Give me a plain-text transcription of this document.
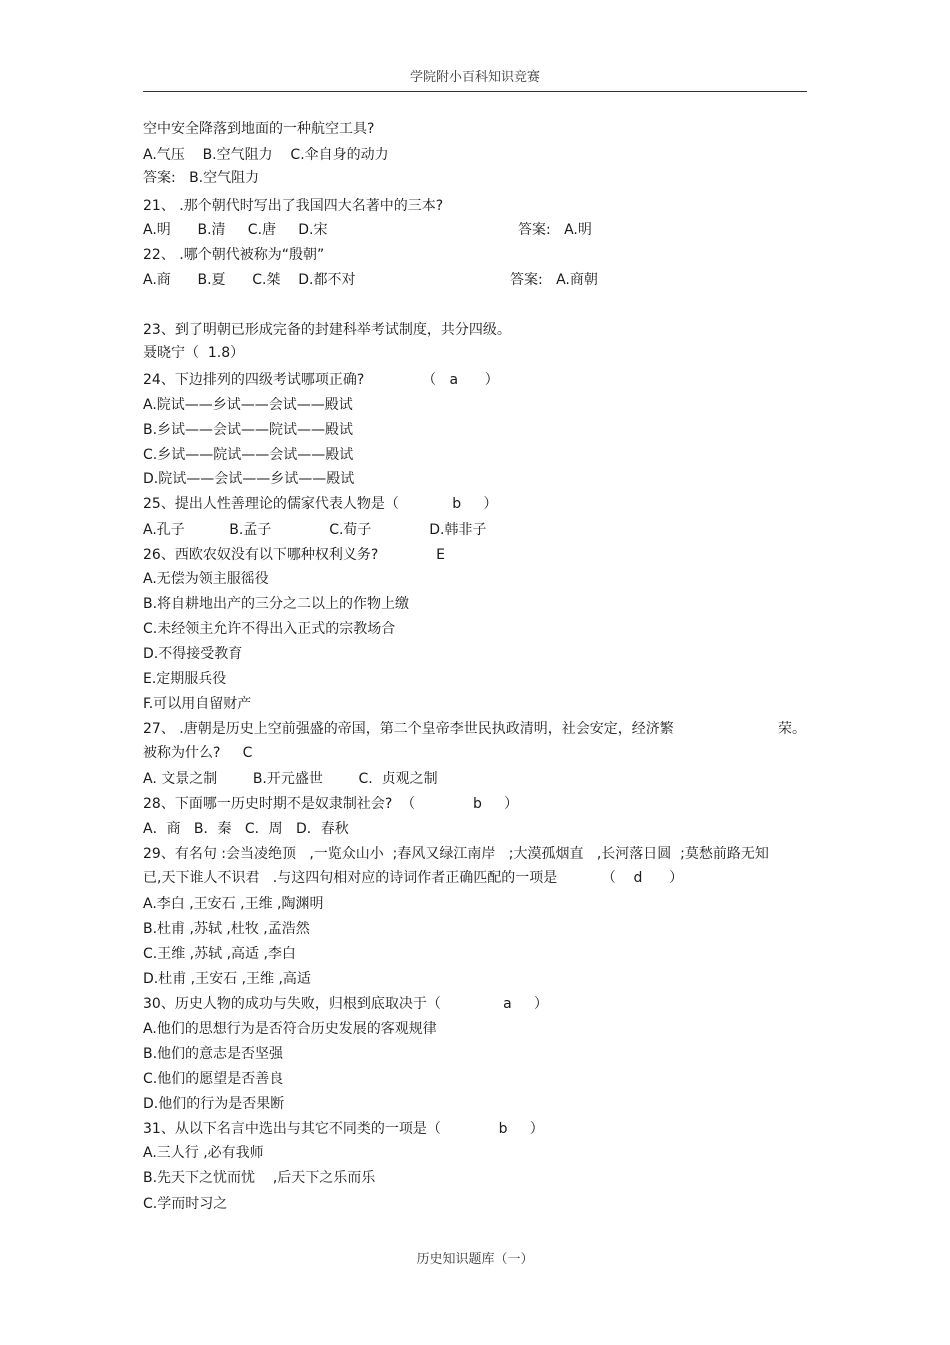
学院附小百科知识竞赛
空中安全降落到地面的一种航空工具?
A.气压    B.空气阻力    C.伞自身的动力
答案:   B.空气阻力
21、 .那个朝代时写出了我国四大名著中的三本?
A.明      B.清     C.唐     D.宋	答案:   A.明
22、 .哪个朝代被称为“殷朝”
A.商      B.夏      C.桀    D.都不对	答案:   A.商朝
23、到了明朝已形成完备的封建科举考试制度，共分四级。
聂晓宁（  1.8）
24、下边排列的四级考试哪项正确?             （   a      ）
A.院试——乡试——会试——殿试
B.乡试——会试——院试——殿试
C.乡试——院试——会试——殿试
D.院试——会试——乡试——殿试
25、提出人性善理论的儒家代表人物是（            b     ）
A.孔子          B.孟子             C.荀子             D.韩非子
26、西欧农奴没有以下哪种权利义务?             E
A.无偿为领主服徭役
B.将自耕地出产的三分之二以上的作物上缴
C.未经领主允许不得出入正式的宗教场合
D.不得接受教育
E.定期服兵役
F.可以用自留财产
27、 .唐朝是历史上空前强盛的帝国，第二个皇帝李世民执政清明，社会安定，经济繁	荣。
被称为什么?     C
A. 文景之制        B.开元盛世        C.  贞观之制
28、下面哪一历史时期不是奴隶制社会?  （             b     ）
A．商   B．秦   C．周   D．春秋
29、有名句 :会当凌绝顶   ,一览众山小  ;春风又绿江南岸   ;大漠孤烟直   ,长河落日圆  ;莫愁前路无知
已,天下谁人不识君   .与这四句相对应的诗词作者正确匹配的一项是          （    d      ）
A.李白 ,王安石 ,王维 ,陶渊明
B.杜甫 ,苏轼 ,杜牧 ,孟浩然
C.王维 ,苏轼 ,高适 ,李白
D.杜甫 ,王安石 ,王维 ,高适
30、历史人物的成功与失败，归根到底取决于（              a     ）
A.他们的思想行为是否符合历史发展的客观规律
B.他们的意志是否坚强
C.他们的愿望是否善良
D.他们的行为是否果断
31、从以下名言中选出与其它不同类的一项是（             b     ）
A.三人行 ,必有我师
B.先天下之忧而忧    ,后天下之乐而乐
C.学而时习之
历史知识题库（一）
